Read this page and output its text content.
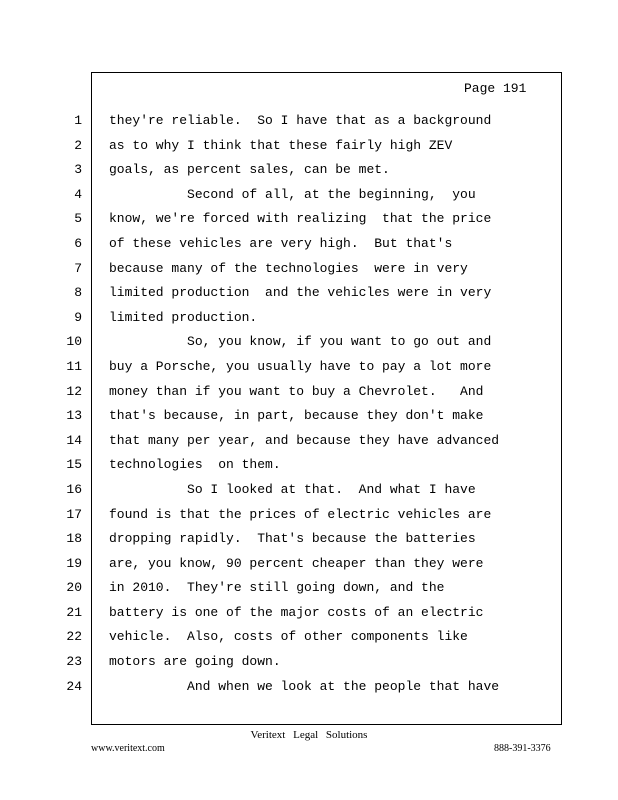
Page 191
1
2
3
4
5
6
7
8
9
10
11
12
13
14
15
16
17
18
19
20
21
22
23
24
they're reliable.  So I have that as a background
as to why I think that these fairly high ZEV
goals, as percent sales, can be met.
Second of all, at the beginning,  you
know, we're forced with realizing  that the price
of these vehicles are very high.  But that's
because many of the technologies  were in very
limited production  and the vehicles were in very
limited production.
So, you know, if you want to go out and
buy a Porsche, you usually have to pay a lot more
money than if you want to buy a Chevrolet.   And
that's because, in part, because they don't make
that many per year, and because they have advanced
technologies  on them.
So I looked at that.  And what I have
found is that the prices of electric vehicles are
dropping rapidly.  That's because the batteries
are, you know, 90 percent cheaper than they were
in 2010.  They're still going down, and the
battery is one of the major costs of an electric
vehicle.  Also, costs of other components like
motors are going down.
And when we look at the people that have
Veritext Legal Solutions
www.veritext.com	888-391-3376
